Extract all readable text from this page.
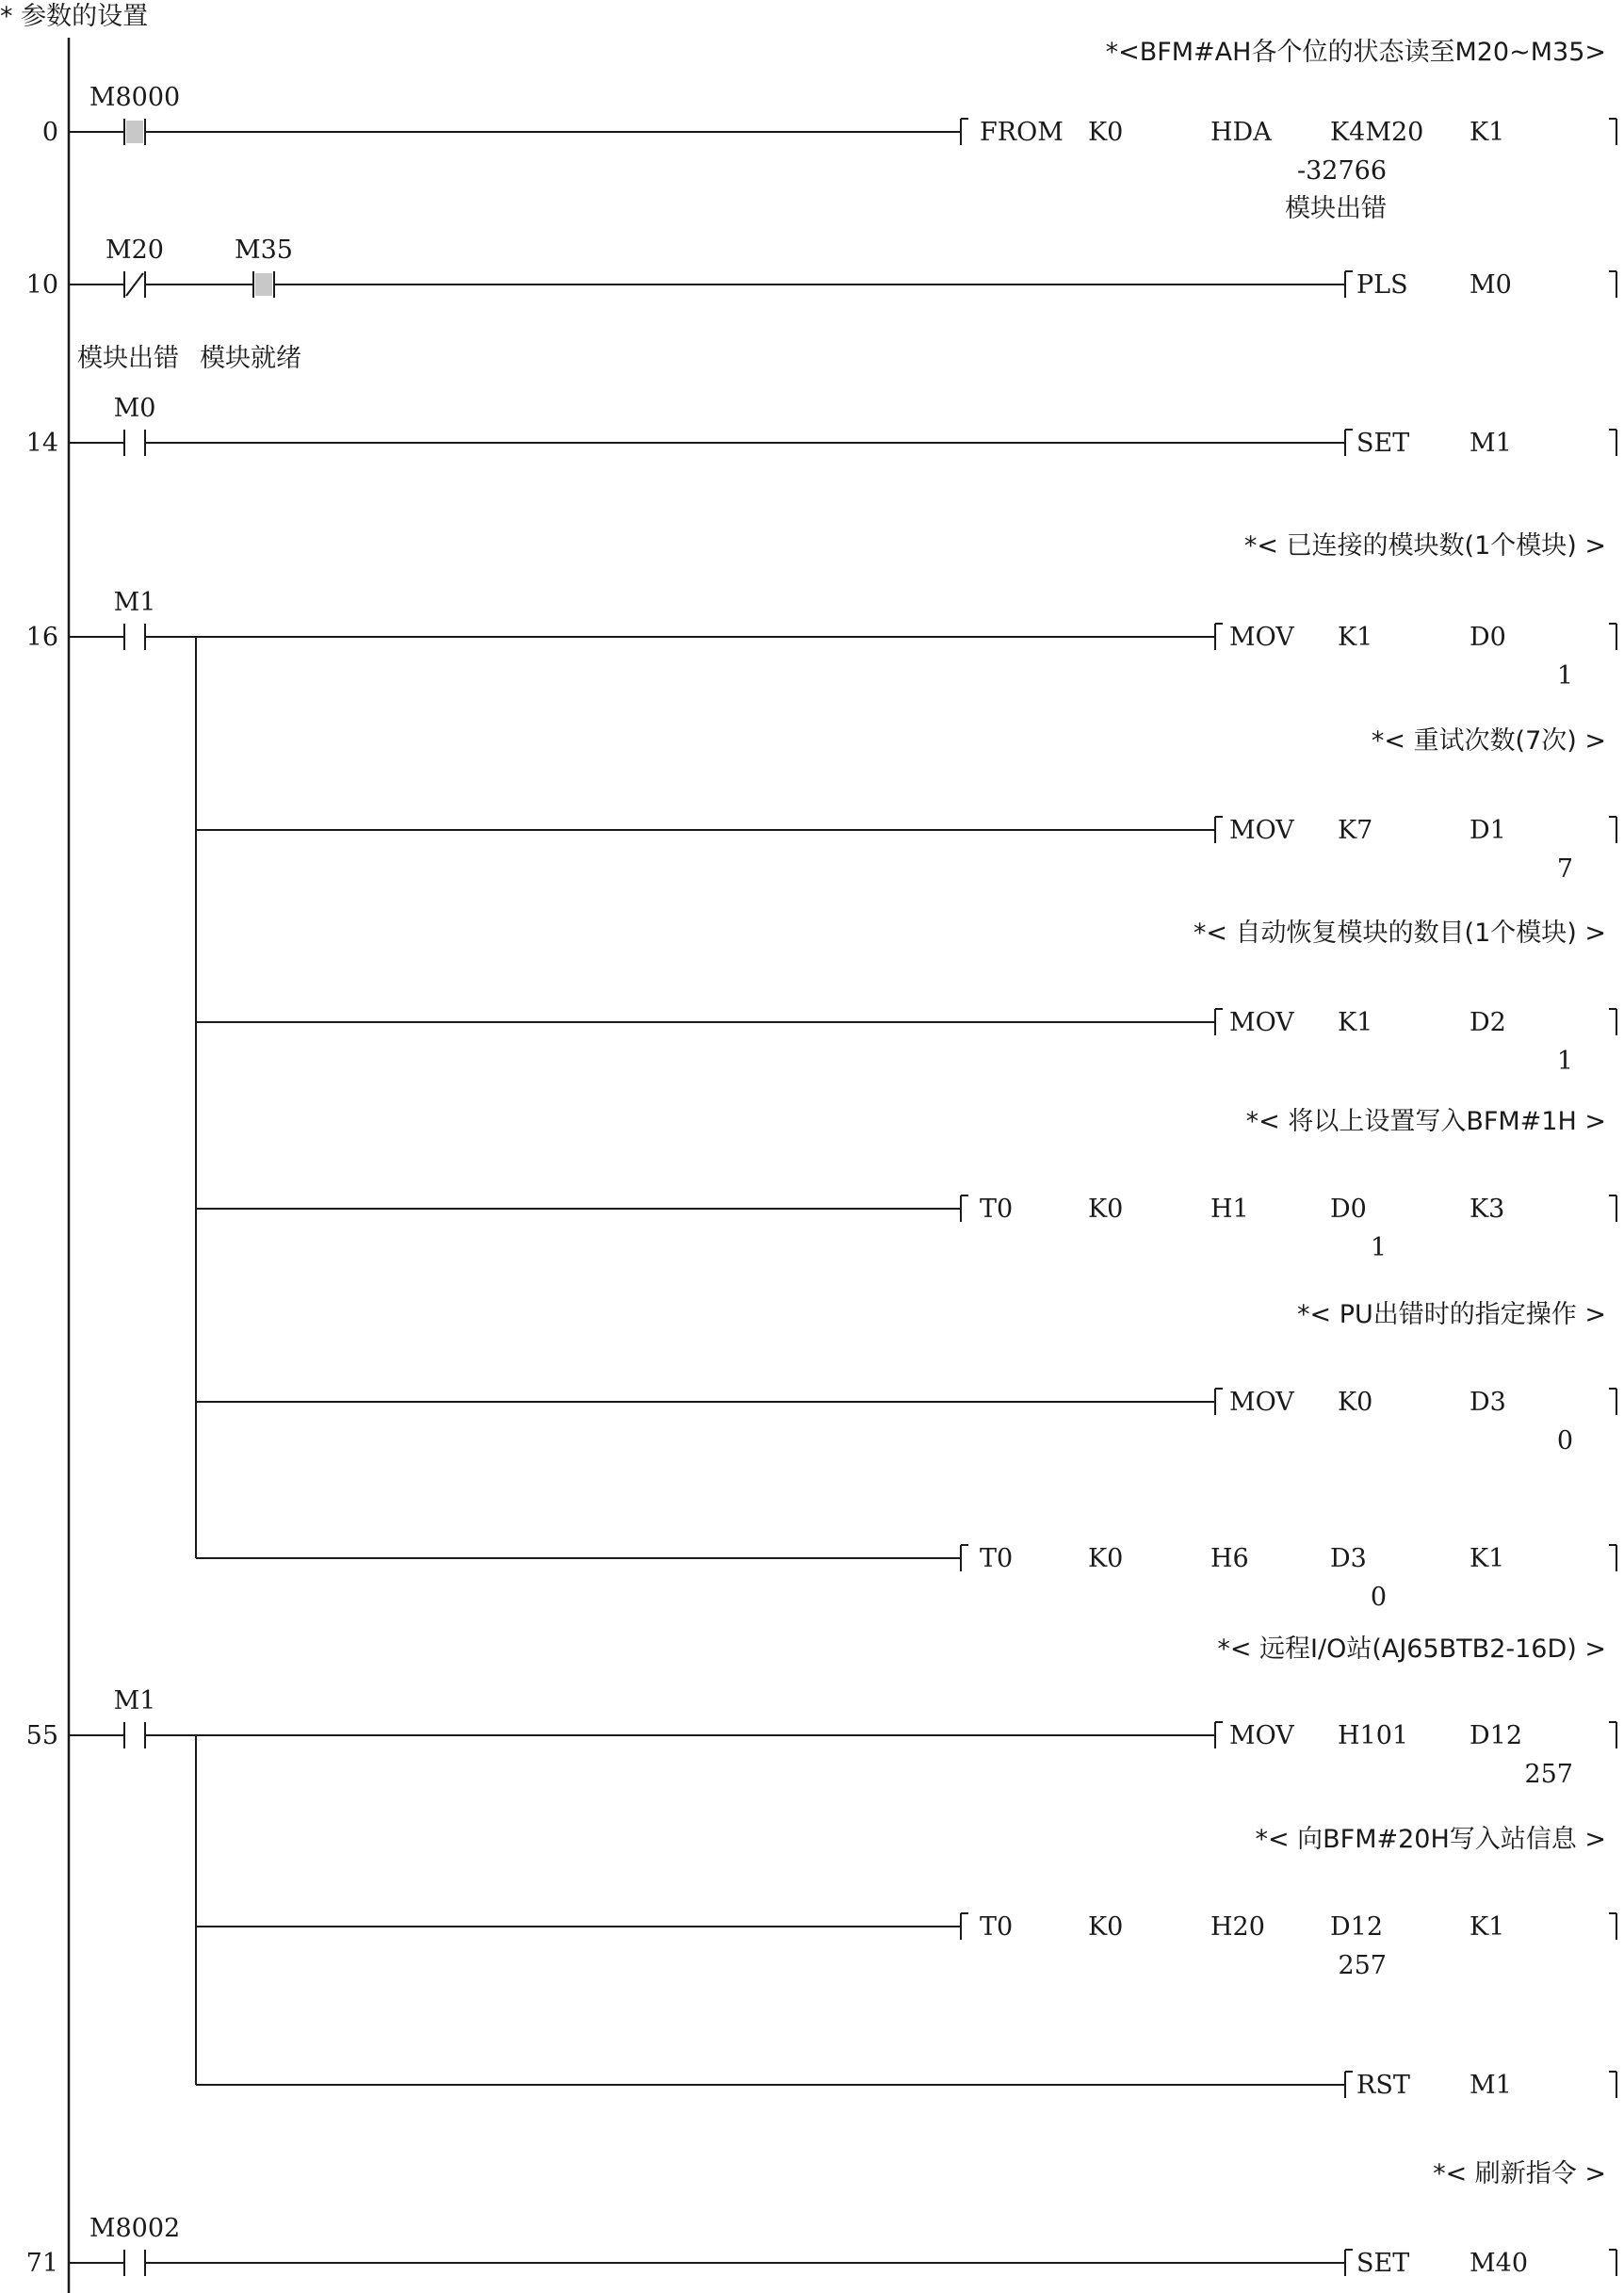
* 参数的设置
0
*<BFM#AH各个位的状态读至M20~M35>
M8000
FROM K0	HDA K4M20 K1
-32766
模块出错
10
M20	M35
模块出错 模块就绪
PLS M0
14
M0
SET M1
16
M1
*< 已连接的模块数(1个模块) >
MOV K1	D0
1
*< 重试次数(7次) >
MOV K7	D1
7
*< 自动恢复模块的数目(1个模块) >
MOV K1	D2
1
*< 将以上设置写入BFM#1H >
T0	K0	H1	D0	K3
1
*< PU出错时的指定操作 >
MOV K0	D3
0
T0	K0	H6	D3	K1
0
55
M1
*< 远程I/O站(AJ65BTB2-16D) >
MOV H101 D12
257
*< 向BFM#20H写入站信息 >
T0	K0	H20	D12	K1
257
RST M1
71
*< 刷新指令 >
M8002
SET M40
